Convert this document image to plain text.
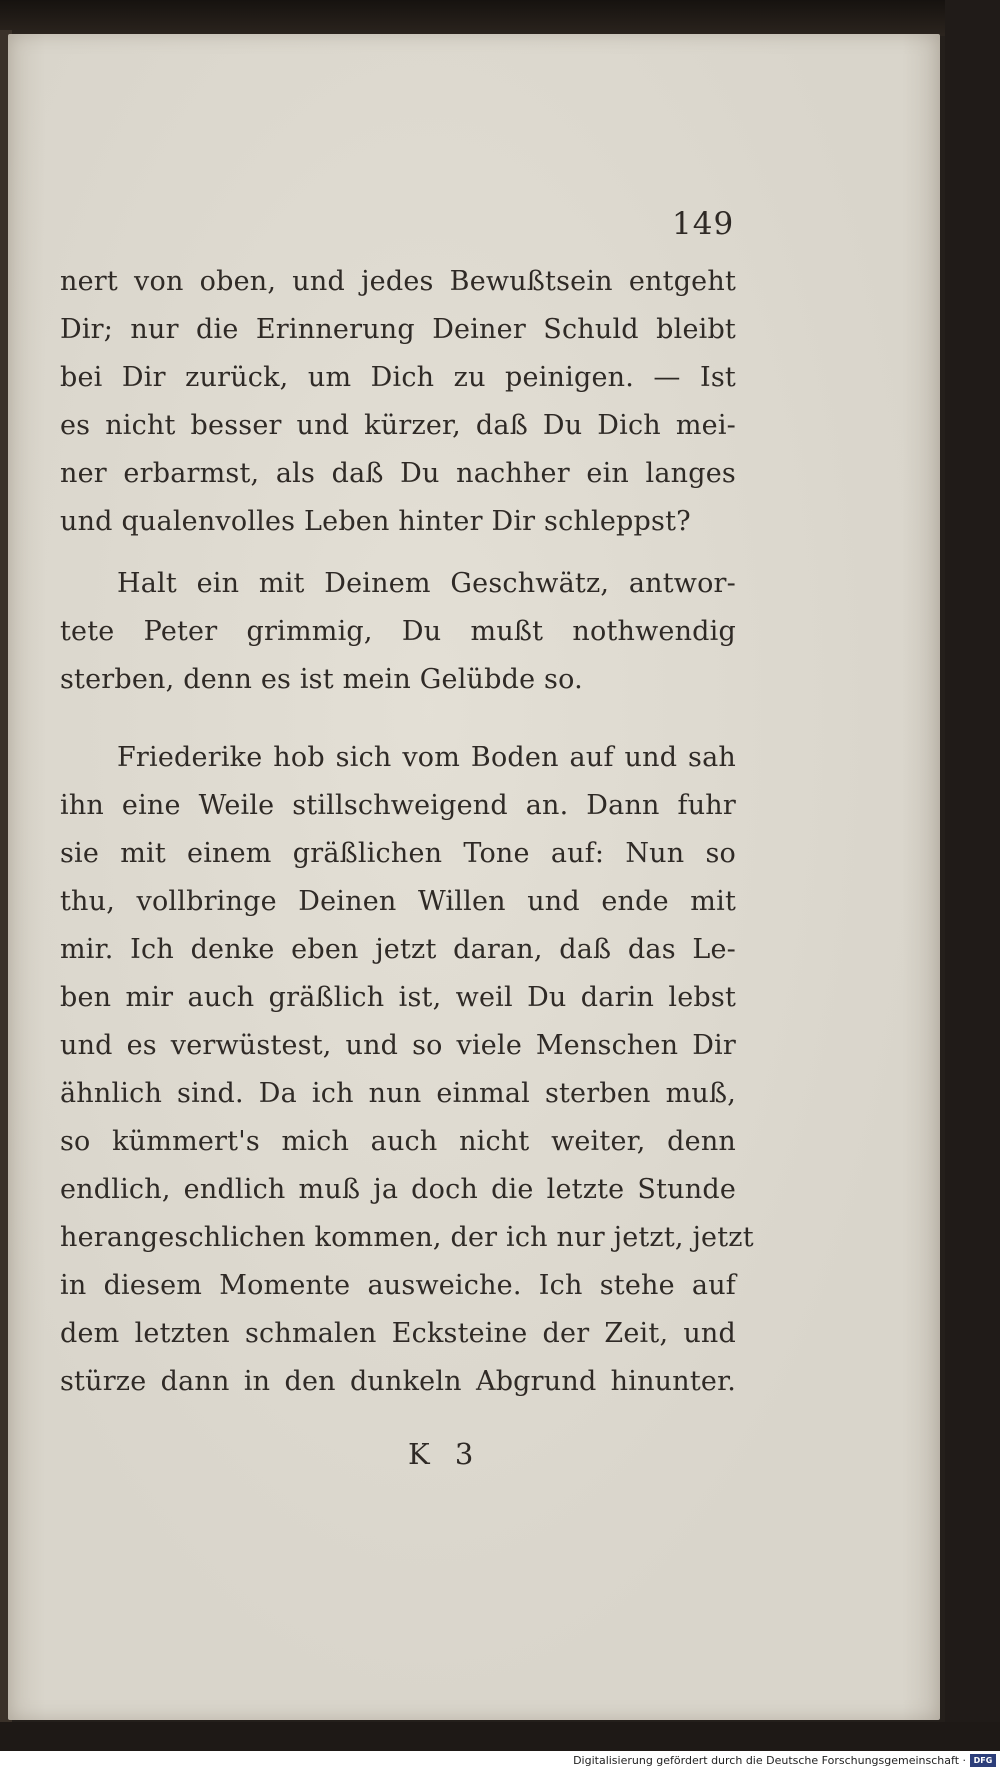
149
nert von oben, und jedes Bewußtsein entgeht
Dir; nur die Erinnerung Deiner Schuld bleibt
bei Dir zurück, um Dich zu peinigen. — Ist
es nicht besser und kürzer, daß Du Dich mei-
ner erbarmst, als daß Du nachher ein langes
und qualenvolles Leben hinter Dir schleppst?
Halt ein mit Deinem Geschwätz, antwor-
tete Peter grimmig, Du mußt nothwendig
sterben, denn es ist mein Gelübde so.
Friederike hob sich vom Boden auf und sah
ihn eine Weile stillschweigend an. Dann fuhr
sie mit einem gräßlichen Tone auf: Nun so
thu, vollbringe Deinen Willen und ende mit
mir. Ich denke eben jetzt daran, daß das Le-
ben mir auch gräßlich ist, weil Du darin lebst
und es verwüstest, und so viele Menschen Dir
ähnlich sind. Da ich nun einmal sterben muß,
so kümmert's mich auch nicht weiter, denn
endlich, endlich muß ja doch die letzte Stunde
herangeschlichen kommen, der ich nur jetzt, jetzt
in diesem Momente ausweiche. Ich stehe auf
dem letzten schmalen Ecksteine der Zeit, und
stürze dann in den dunkeln Abgrund hinunter.
K 3
Digitalisierung gefördert durch die Deutsche Forschungsgemeinschaft · DFG
